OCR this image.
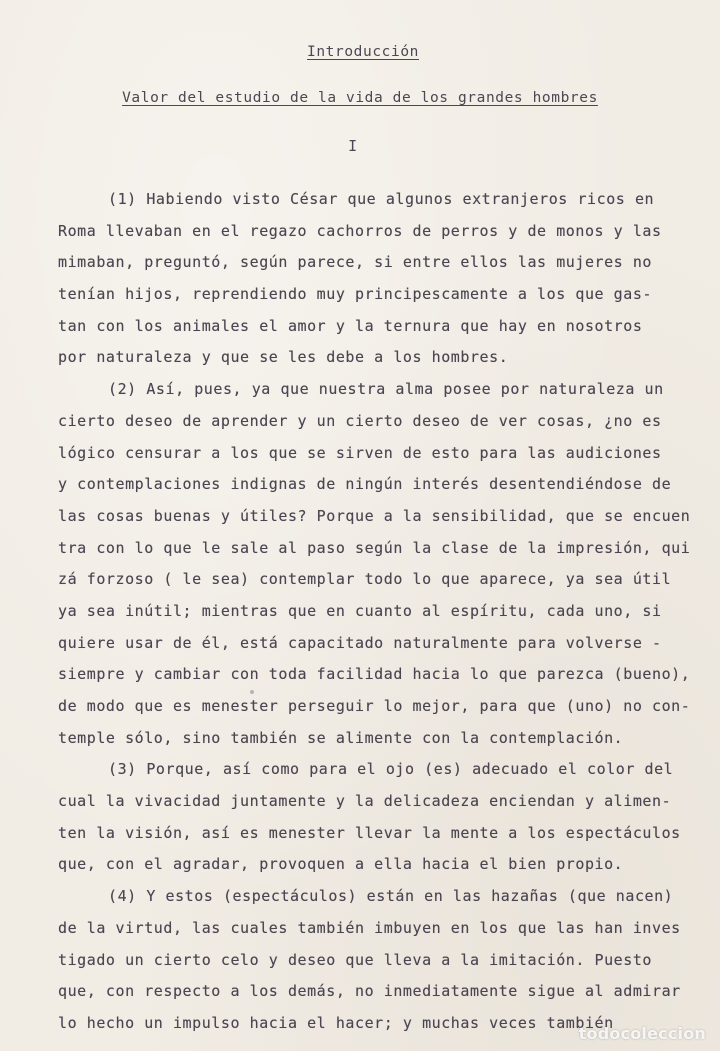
Introducción
Valor del estudio de la vida de los grandes hombres
I
(1) Habiendo visto César que algunos extranjeros ricos en
Roma llevaban en el regazo cachorros de perros y de monos y las
mimaban, preguntó, según parece, si entre ellos las mujeres no
tenían hijos, reprendiendo muy principescamente a los que gas-
tan con los animales el amor y la ternura que hay en nosotros
por naturaleza y que se les debe a los hombres.
(2) Así, pues, ya que nuestra alma posee por naturaleza un
cierto deseo de aprender y un cierto deseo de ver cosas, ¿no es
lógico censurar a los que se sirven de esto para las audiciones
y contemplaciones indignas de ningún interés desentendiéndose de
las cosas buenas y útiles? Porque a la sensibilidad, que se encuen
tra con lo que le sale al paso según la clase de la impresión, qui
zá forzoso ( le sea) contemplar todo lo que aparece, ya sea útil
ya sea inútil; mientras que en cuanto al espíritu, cada uno, si
quiere usar de él, está capacitado naturalmente para volverse -
siempre y cambiar con toda facilidad hacia lo que parezca (bueno),
de modo que es menester perseguir lo mejor, para que (uno) no con-
temple sólo, sino también se alimente con la contemplación.
(3) Porque, así como para el ojo (es) adecuado el color del
cual la vivacidad juntamente y la delicadeza enciendan y alimen-
ten la visión, así es menester llevar la mente a los espectáculos
que, con el agradar, provoquen a ella hacia el bien propio.
(4) Y estos (espectáculos) están en las hazañas (que nacen)
de la virtud, las cuales también imbuyen en los que las han inves
tigado un cierto celo y deseo que lleva a la imitación. Puesto
que, con respecto a los demás, no inmediatamente sigue al admirar
lo hecho un impulso hacia el hacer; y muchas veces también
todocoleccion
